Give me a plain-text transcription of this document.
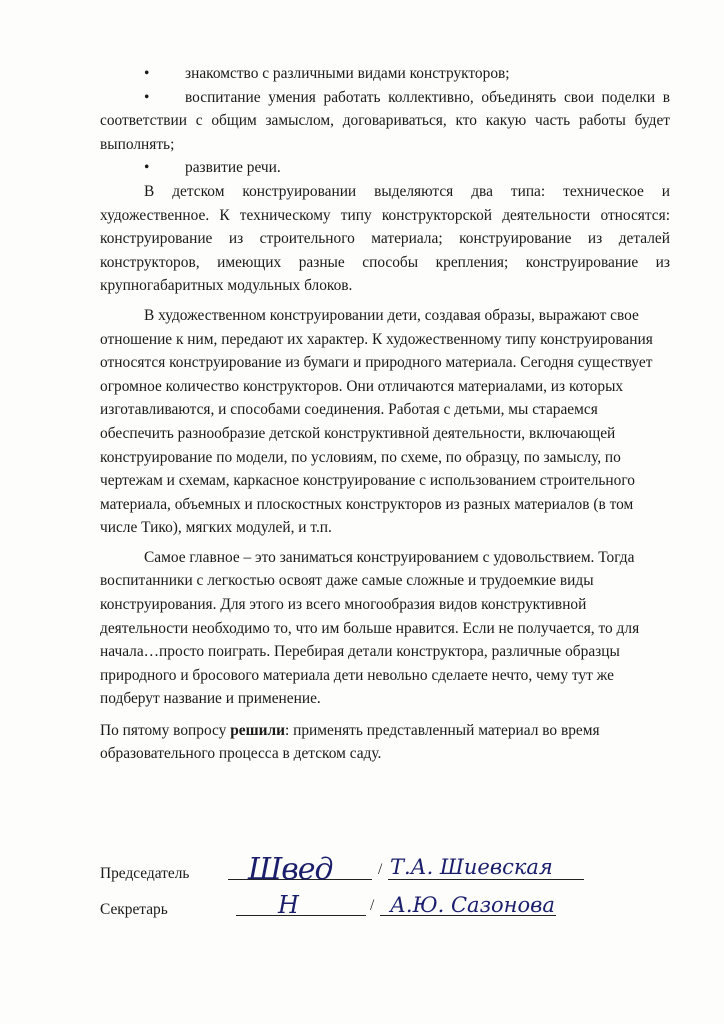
• знакомство с различными видами конструкторов;
• воспитание умения работать коллективно, объединять свои поделки в соответствии с общим замыслом, договариваться, кто какую часть работы будет выполнять;
• развитие речи.

В детском конструировании выделяются два типа: техническое и художественное. К техническому типу конструкторской деятельности относятся: конструирование из строительного материала; конструирование из деталей конструкторов, имеющих разные способы крепления; конструирование из крупногабаритных модульных блоков.

В художественном конструировании дети, создавая образы, выражают свое отношение к ним, передают их характер. К художественному типу конструирования относятся конструирование из бумаги и природного материала. Сегодня существует огромное количество конструкторов. Они отличаются материалами, из которых изготавливаются, и способами соединения. Работая с детьми, мы стараемся обеспечить разнообразие детской конструктивной деятельности, включающей конструирование по модели, по условиям, по схеме, по образцу, по замыслу, по чертежам и схемам, каркасное конструирование с использованием строительного материала, объемных и плоскостных конструкторов из разных материалов (в том числе Тико), мягких модулей, и т.п.

Самое главное – это заниматься конструированием с удовольствием. Тогда воспитанники с легкостью освоят даже самые сложные и трудоемкие виды конструирования. Для этого из всего многообразия видов конструктивной деятельности необходимо то, что им больше нравится. Если не получается, то для начала…просто поиграть. Перебирая детали конструктора, различные образцы природного и бросового материала дети невольно сделаете нечто, чему тут же подберут название и применение.

По пятому вопросу решили: применять представленный материал во время образовательного процесса в детском саду.
Председатель Швед	/ Т.А. Шиевская
Секретарь	Н	/ А.Ю. Сазонова
